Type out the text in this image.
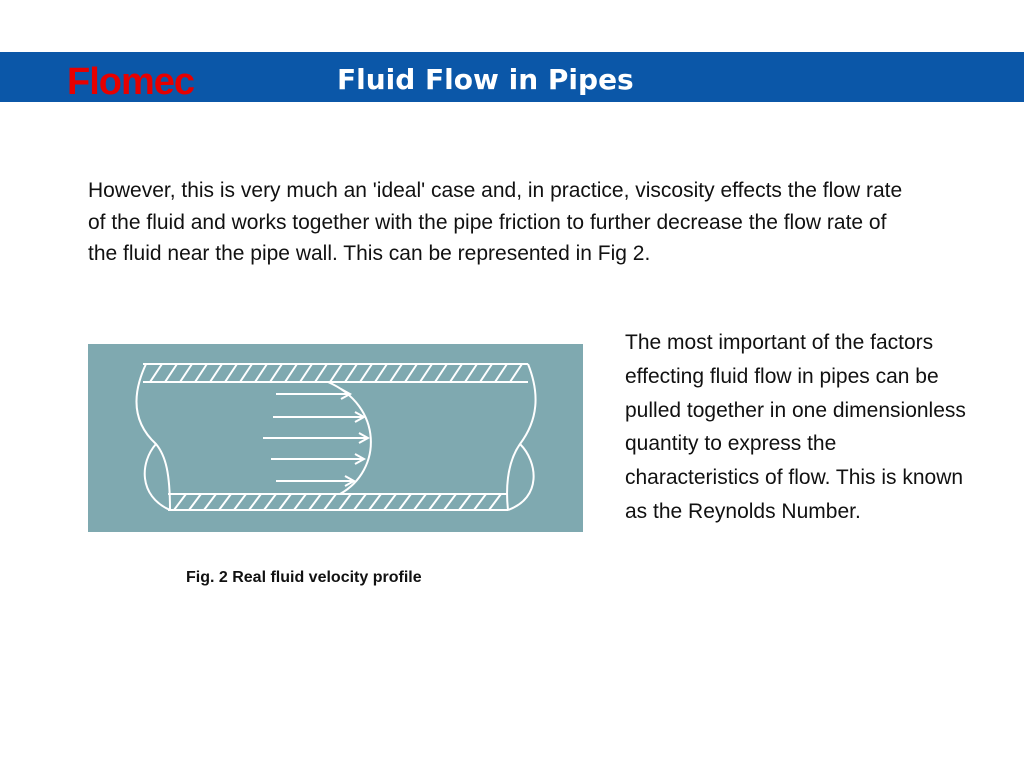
Flomec	Fluid Flow in Pipes
However, this is very much an 'ideal' case and, in practice, viscosity effects the flow rate of the fluid and works together with the pipe friction to further decrease the flow rate of the fluid near the pipe wall. This can be represented in Fig 2.
Fig. 2 Real fluid velocity profile
The most important of the factors effecting fluid flow in pipes can be pulled together in one dimensionless quantity to express the characteristics of flow. This is known as the Reynolds Number.
